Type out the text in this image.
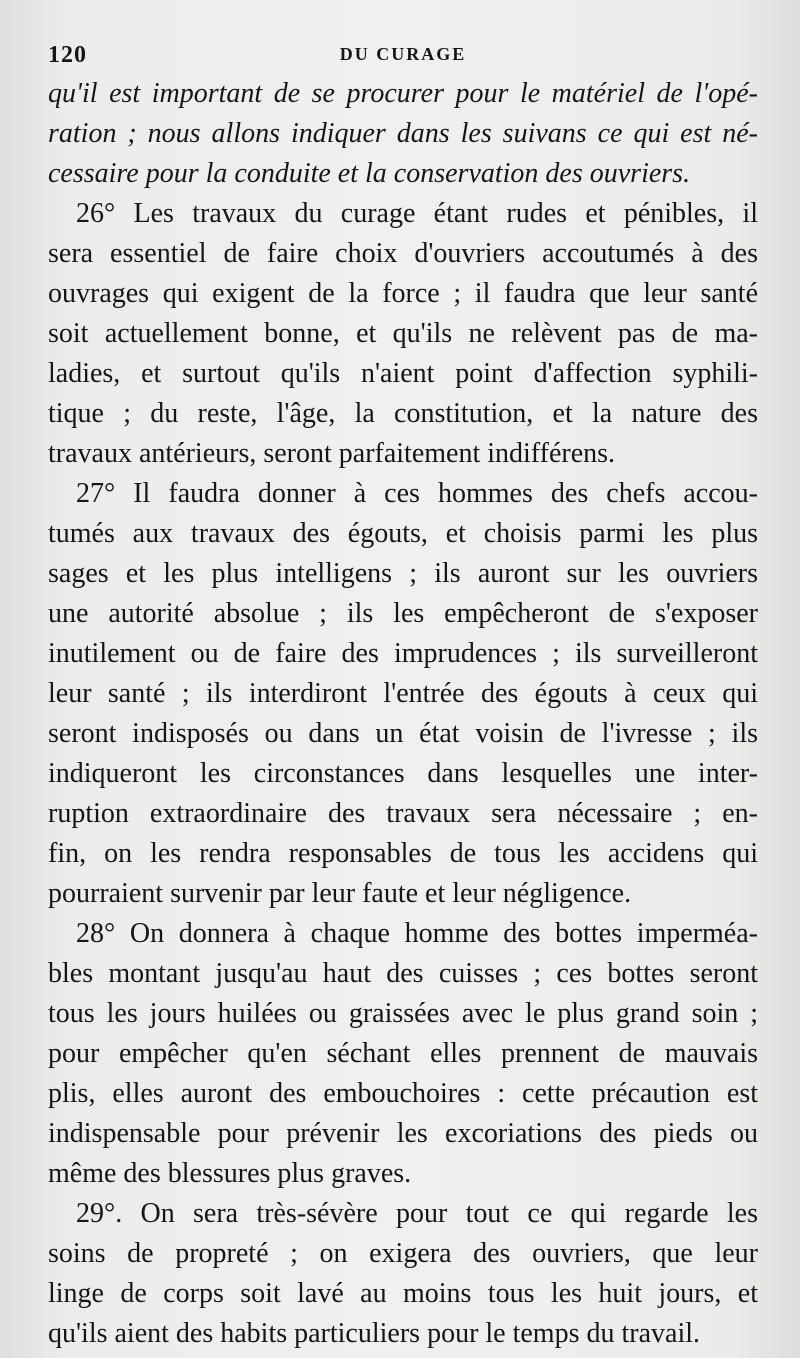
120	DU CURAGE
qu'il est important de se procurer pour le matériel de l'opé-
ration ; nous allons indiquer dans les suivans ce qui est né-
cessaire pour la conduite et la conservation des ouvriers.
26° Les travaux du curage étant rudes et pénibles, il
sera essentiel de faire choix d'ouvriers accoutumés à des
ouvrages qui exigent de la force ; il faudra que leur santé
soit actuellement bonne, et qu'ils ne relèvent pas de ma-
ladies, et surtout qu'ils n'aient point d'affection syphili-
tique ; du reste, l'âge, la constitution, et la nature des
travaux antérieurs, seront parfaitement indifférens.
27° Il faudra donner à ces hommes des chefs accou-
tumés aux travaux des égouts, et choisis parmi les plus
sages et les plus intelligens ; ils auront sur les ouvriers
une autorité absolue ; ils les empêcheront de s'exposer
inutilement ou de faire des imprudences ; ils surveilleront
leur santé ; ils interdiront l'entrée des égouts à ceux qui
seront indisposés ou dans un état voisin de l'ivresse ; ils
indiqueront les circonstances dans lesquelles une inter-
ruption extraordinaire des travaux sera nécessaire ; en-
fin, on les rendra responsables de tous les accidens qui
pourraient survenir par leur faute et leur négligence.
28° On donnera à chaque homme des bottes imperméa-
bles montant jusqu'au haut des cuisses ; ces bottes seront
tous les jours huilées ou graissées avec le plus grand soin ;
pour empêcher qu'en séchant elles prennent de mauvais
plis, elles auront des embouchoires : cette précaution est
indispensable pour prévenir les excoriations des pieds ou
même des blessures plus graves.
29°. On sera très-sévère pour tout ce qui regarde les
soins de propreté ; on exigera des ouvriers, que leur
linge de corps soit lavé au moins tous les huit jours, et
qu'ils aient des habits particuliers pour le temps du travail.
